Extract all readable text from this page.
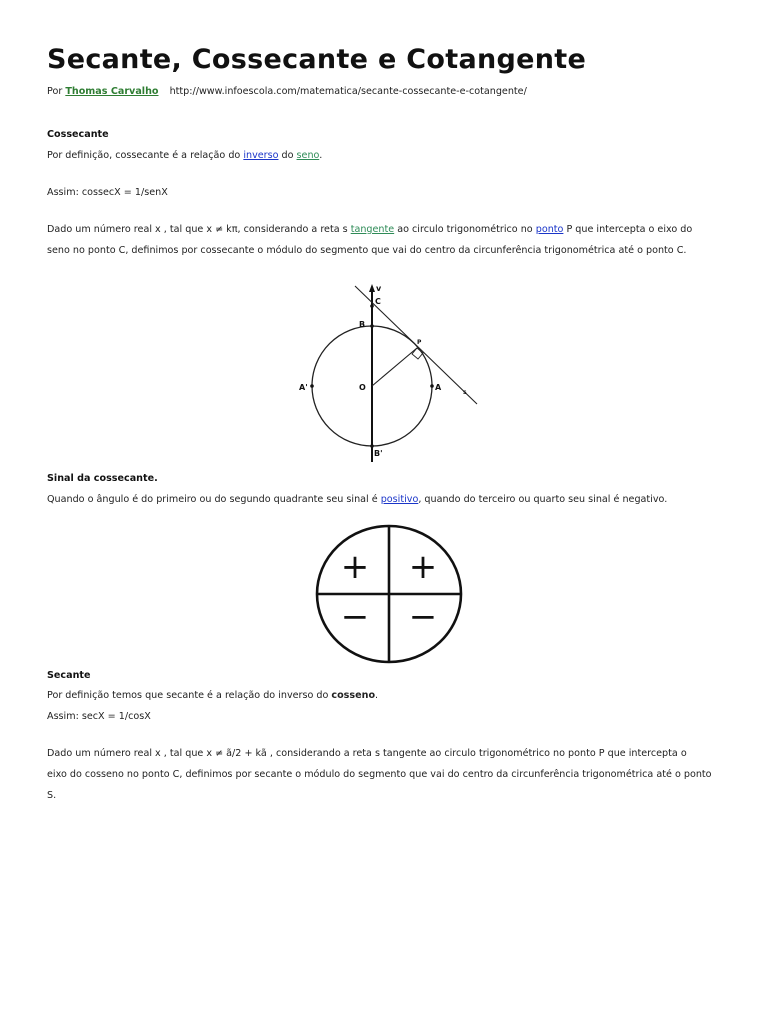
Secante, Cossecante e Cotangente

Por Thomas Carvalho http://www.infoescola.com/matematica/secante-cossecante-e-cotangente/

Cossecante

Por definição, cossecante é a relação do inverso do seno.

Assim: cossecX = 1/senX

Dado um número real x , tal que x ≠ kπ, considerando a reta s tangente ao circulo trigonométrico no ponto P que intercepta o eixo do

seno no ponto C, definimos por cossecante o módulo do segmento que vai do centro da circunferência trigonométrica até o ponto C.

v
C
B
P
A'	O	A
s
B'

Sinal da cossecante.

Quando o ângulo é do primeiro ou do segundo quadrante seu sinal é positivo, quando do terceiro ou quarto seu sinal é negativo.

+ +
− −

Secante

Por definição temos que secante é a relação do inverso do cosseno.

Assim: secX = 1/cosX

Dado um número real x , tal que x ≠ ã/2 + kã , considerando a reta s tangente ao circulo trigonométrico no ponto P que intercepta o

eixo do cosseno no ponto C, definimos por secante o módulo do segmento que vai do centro da circunferência trigonométrica até o ponto

S.
